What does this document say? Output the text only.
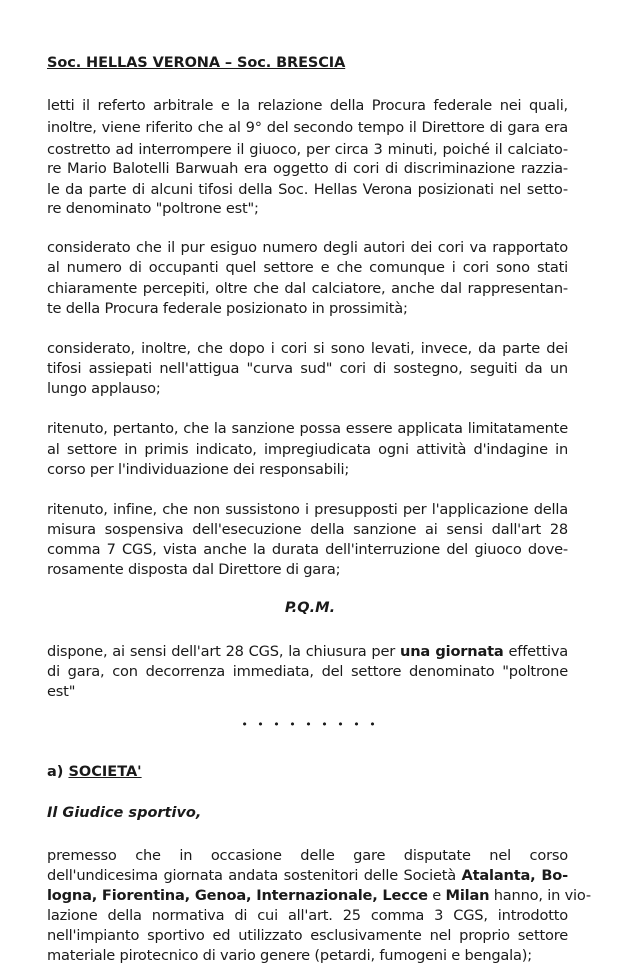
Soc. HELLAS VERONA – Soc. BRESCIA
letti il referto arbitrale e la relazione della Procura federale nei quali,
inoltre, viene riferito che al 9° del secondo tempo il Direttore di gara era
costretto ad interrompere il giuoco, per circa 3 minuti, poiché il calciato-
re Mario Balotelli Barwuah era oggetto di cori di discriminazione razzia-
le da parte di alcuni tifosi della Soc. Hellas Verona posizionati nel setto-
re denominato "poltrone est";
considerato che il pur esiguo numero degli autori dei cori va rapportato
al numero di occupanti quel settore e che comunque i cori sono stati
chiaramente percepiti, oltre che dal calciatore, anche dal rappresentan-
te della Procura federale posizionato in prossimità;
considerato, inoltre, che dopo i cori si sono levati, invece, da parte dei
tifosi assiepati nell'attigua "curva sud" cori di sostegno, seguiti da un
lungo applauso;
ritenuto, pertanto, che la sanzione possa essere applicata limitatamente
al settore in primis indicato, impregiudicata ogni attività d'indagine in
corso per l'individuazione dei responsabili;
ritenuto, infine, che non sussistono i presupposti per l'applicazione della
misura sospensiva dell'esecuzione della sanzione ai sensi dall'art 28
comma 7 CGS, vista anche la durata dell'interruzione del giuoco dove-
rosamente disposta dal Direttore di gara;
P.Q.M.
dispone, ai sensi dell'art 28 CGS, la chiusura per una giornata effettiva
di gara, con decorrenza immediata, del settore denominato "poltrone
est"
• • • • • • • • •
a) SOCIETA'
Il Giudice sportivo,
premesso che in occasione delle gare disputate nel corso
dell'undicesima giornata andata sostenitori delle Società Atalanta, Bo-
logna, Fiorentina, Genoa, Internazionale, Lecce e Milan hanno, in vio-
lazione della normativa di cui all'art. 25 comma 3 CGS, introdotto
nell'impianto sportivo ed utilizzato esclusivamente nel proprio settore
materiale pirotecnico di vario genere (petardi, fumogeni e bengala);
